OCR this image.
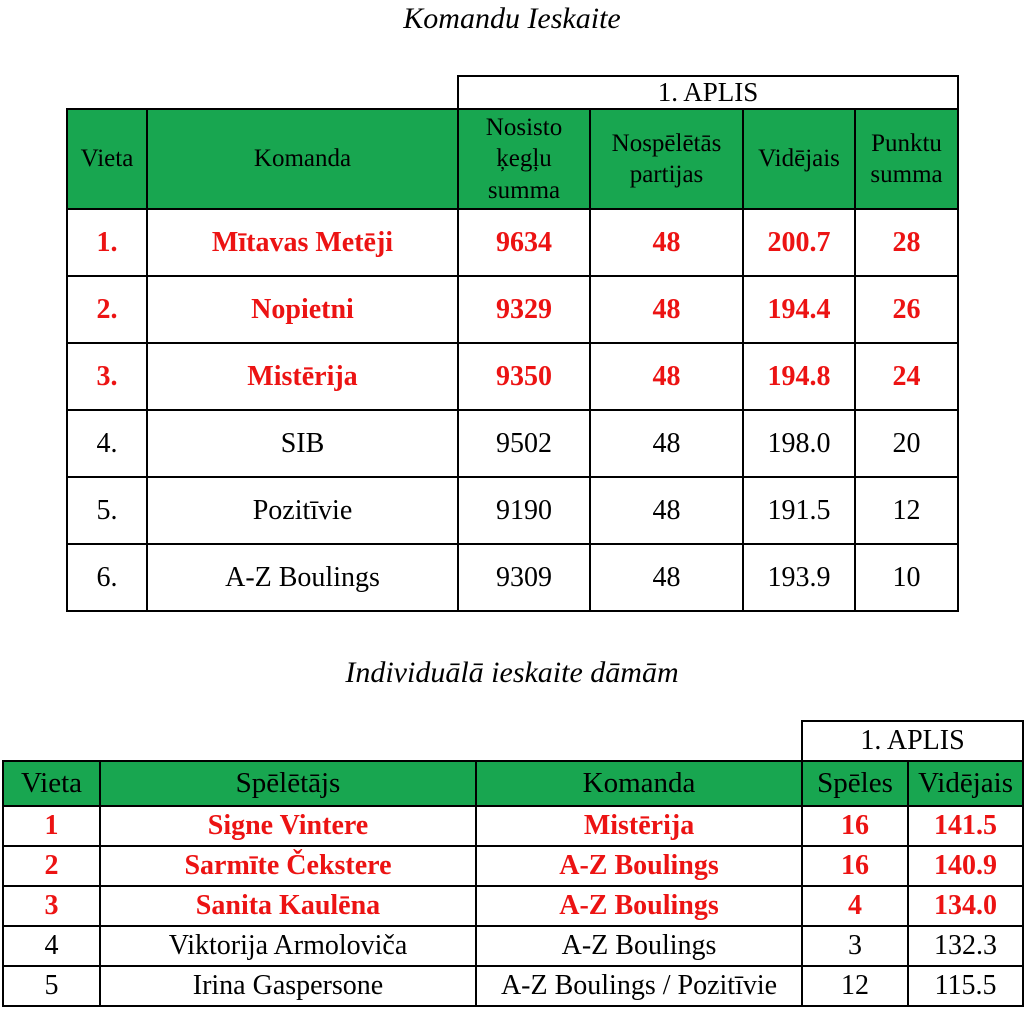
Komandu Ieskaite
		1. APLIS			
Vieta	Komanda	Nosisto ķegļu summa	Nospēlētās partijas	Vidējais	Punktu summa
1.	Mītavas Metēji	9634	48	200.7	28
2.	Nopietni	9329	48	194.4	26
3.	Mistērija	9350	48	194.8	24
4.	SIB	9502	48	198.0	20
5.	Pozitīvie	9190	48	191.5	12
6.	A-Z Boulings	9309	48	193.9	10
Individuālā ieskaite dāmām
			1. APLIS	
Vieta	Spēlētājs	Komanda	Spēles	Vidējais
1	Signe Vintere	Mistērija	16	141.5
2	Sarmīte Čekstere	A-Z Boulings	16	140.9
3	Sanita Kaulēna	A-Z Boulings	4	134.0
4	Viktorija Armoloviča	A-Z Boulings	3	132.3
5	Irina Gaspersone	A-Z Boulings / Pozitīvie	12	115.5
